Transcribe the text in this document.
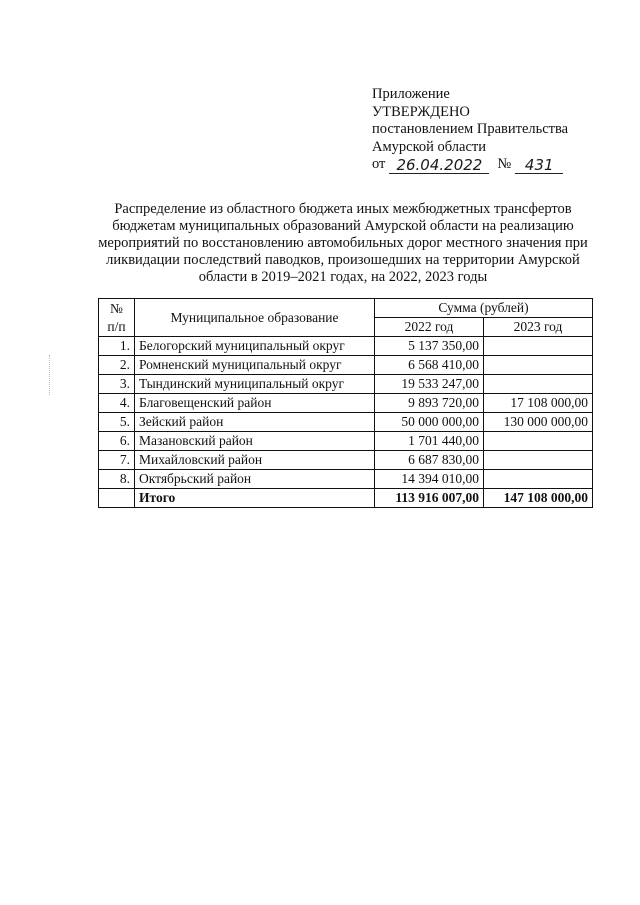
Приложение
УТВЕРЖДЕНО
постановлением Правительства
Амурской области
от 26.04.2022	№ 431
Распределение из областного бюджета иных межбюджетных трансфертов
бюджетам муниципальных образований Амурской области на реализацию
мероприятий по восстановлению автомобильных дорог местного значения при
ликвидации последствий паводков, произошедших на территории Амурской
области в 2019–2021 годах, на 2022, 2023 годы
№
п/п	Муниципальное образование	Сумма (рублей)	
		2022 год	2023 год
1.	Белогорский муниципальный округ	5 137 350,00	
2.	Ромненский муниципальный округ	6 568 410,00	
3.	Тындинский муниципальный округ	19 533 247,00	
4.	Благовещенский район	9 893 720,00	17 108 000,00
5.	Зейский район	50 000 000,00	130 000 000,00
6.	Мазановский район	1 701 440,00	
7.	Михайловский район	6 687 830,00	
8.	Октябрьский район	14 394 010,00	
	Итого	113 916 007,00	147 108 000,00
